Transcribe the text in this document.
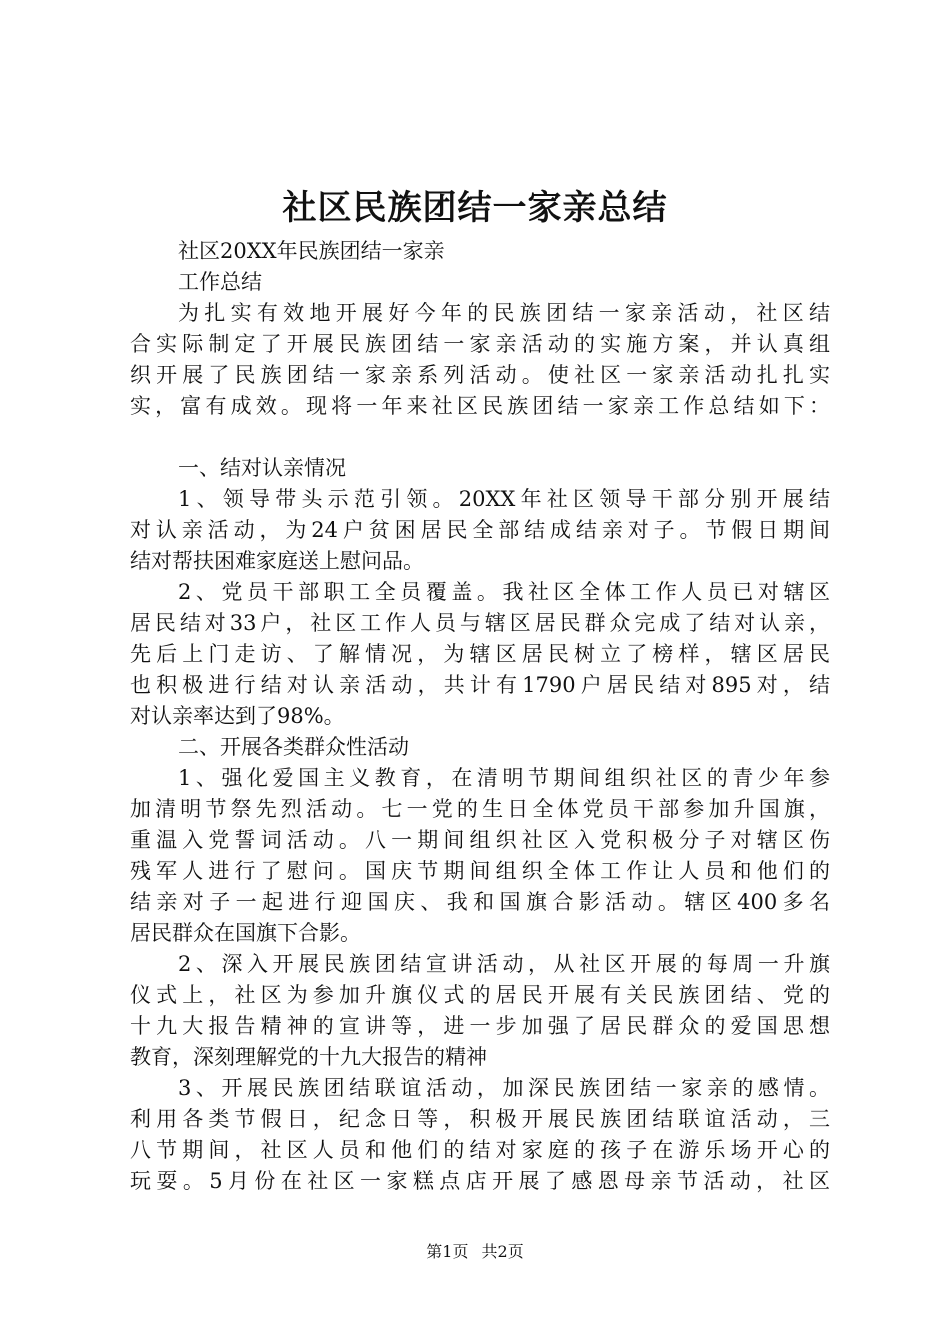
社区民族团结一家亲总结
社区20XX年民族团结一家亲
工作总结
为扎实有效地开展好今年的民族团结一家亲活动，社区结
合实际制定了开展民族团结一家亲活动的实施方案，并认真组
织开展了民族团结一家亲系列活动。使社区一家亲活动扎扎实
实，富有成效。现将一年来社区民族团结一家亲工作总结如下：
一、结对认亲情况
1、领导带头示范引领。20XX年社区领导干部分别开展结
对认亲活动，为24户贫困居民全部结成结亲对子。节假日期间
结对帮扶困难家庭送上慰问品。
2、党员干部职工全员覆盖。我社区全体工作人员已对辖区
居民结对33户，社区工作人员与辖区居民群众完成了结对认亲，
先后上门走访、了解情况，为辖区居民树立了榜样，辖区居民
也积极进行结对认亲活动，共计有1790户居民结对895对，结
对认亲率达到了98%。
二、开展各类群众性活动
1、强化爱国主义教育，在清明节期间组织社区的青少年参
加清明节祭先烈活动。七一党的生日全体党员干部参加升国旗，
重温入党誓词活动。八一期间组织社区入党积极分子对辖区伤
残军人进行了慰问。国庆节期间组织全体工作让人员和他们的
结亲对子一起进行迎国庆、我和国旗合影活动。辖区400多名
居民群众在国旗下合影。
2、深入开展民族团结宣讲活动，从社区开展的每周一升旗
仪式上，社区为参加升旗仪式的居民开展有关民族团结、党的
十九大报告精神的宣讲等，进一步加强了居民群众的爱国思想
教育，深刻理解党的十九大报告的精神
3、开展民族团结联谊活动，加深民族团结一家亲的感情。
利用各类节假日，纪念日等，积极开展民族团结联谊活动，三
八节期间，社区人员和他们的结对家庭的孩子在游乐场开心的
玩耍。5月份在社区一家糕点店开展了感恩母亲节活动，社区
第1页 共2页
